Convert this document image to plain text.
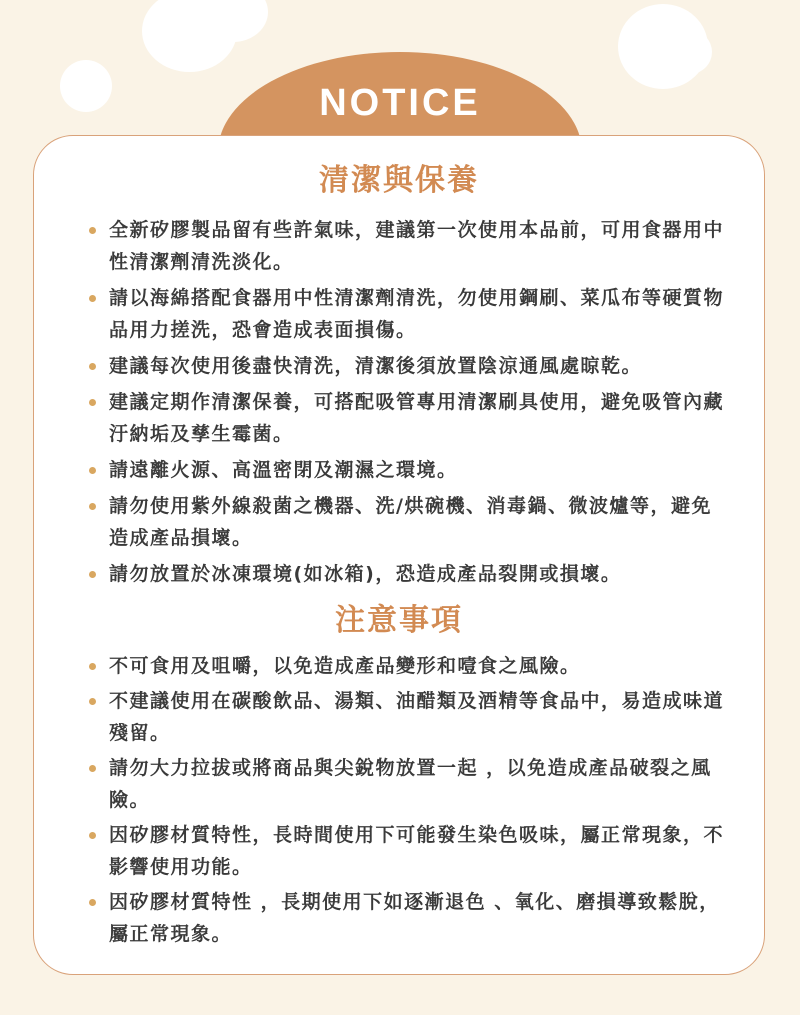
NOTICE
清潔與保養
全新矽膠製品留有些許氣味，建議第一次使用本品前，可用食器用中性清潔劑清洗淡化。
請以海綿搭配食器用中性清潔劑清洗，勿使用鋼刷、菜瓜布等硬質物品用力搓洗，恐會造成表面損傷。
建議每次使用後盡快清洗，清潔後須放置陰涼通風處晾乾。
建議定期作清潔保養，可搭配吸管專用清潔刷具使用，避免吸管內藏汙納垢及孳生霉菌。
請遠離火源、高溫密閉及潮濕之環境。
請勿使用紫外線殺菌之機器、洗/烘碗機、消毒鍋、微波爐等，避免造成產品損壞。
請勿放置於冰凍環境(如冰箱)，恐造成產品裂開或損壞。
注意事項
不可食用及咀嚼，以免造成產品變形和噎食之風險。
不建議使用在碳酸飲品、湯類、油醋類及酒精等食品中，易造成味道殘留。
請勿大力拉拔或將商品與尖銳物放置一起 ，以免造成產品破裂之風險。
因矽膠材質特性，長時間使用下可能發生染色吸味，屬正常現象，不影響使用功能。
因矽膠材質特性 ，長期使用下如逐漸退色 、氧化、磨損導致鬆脫，屬正常現象。
